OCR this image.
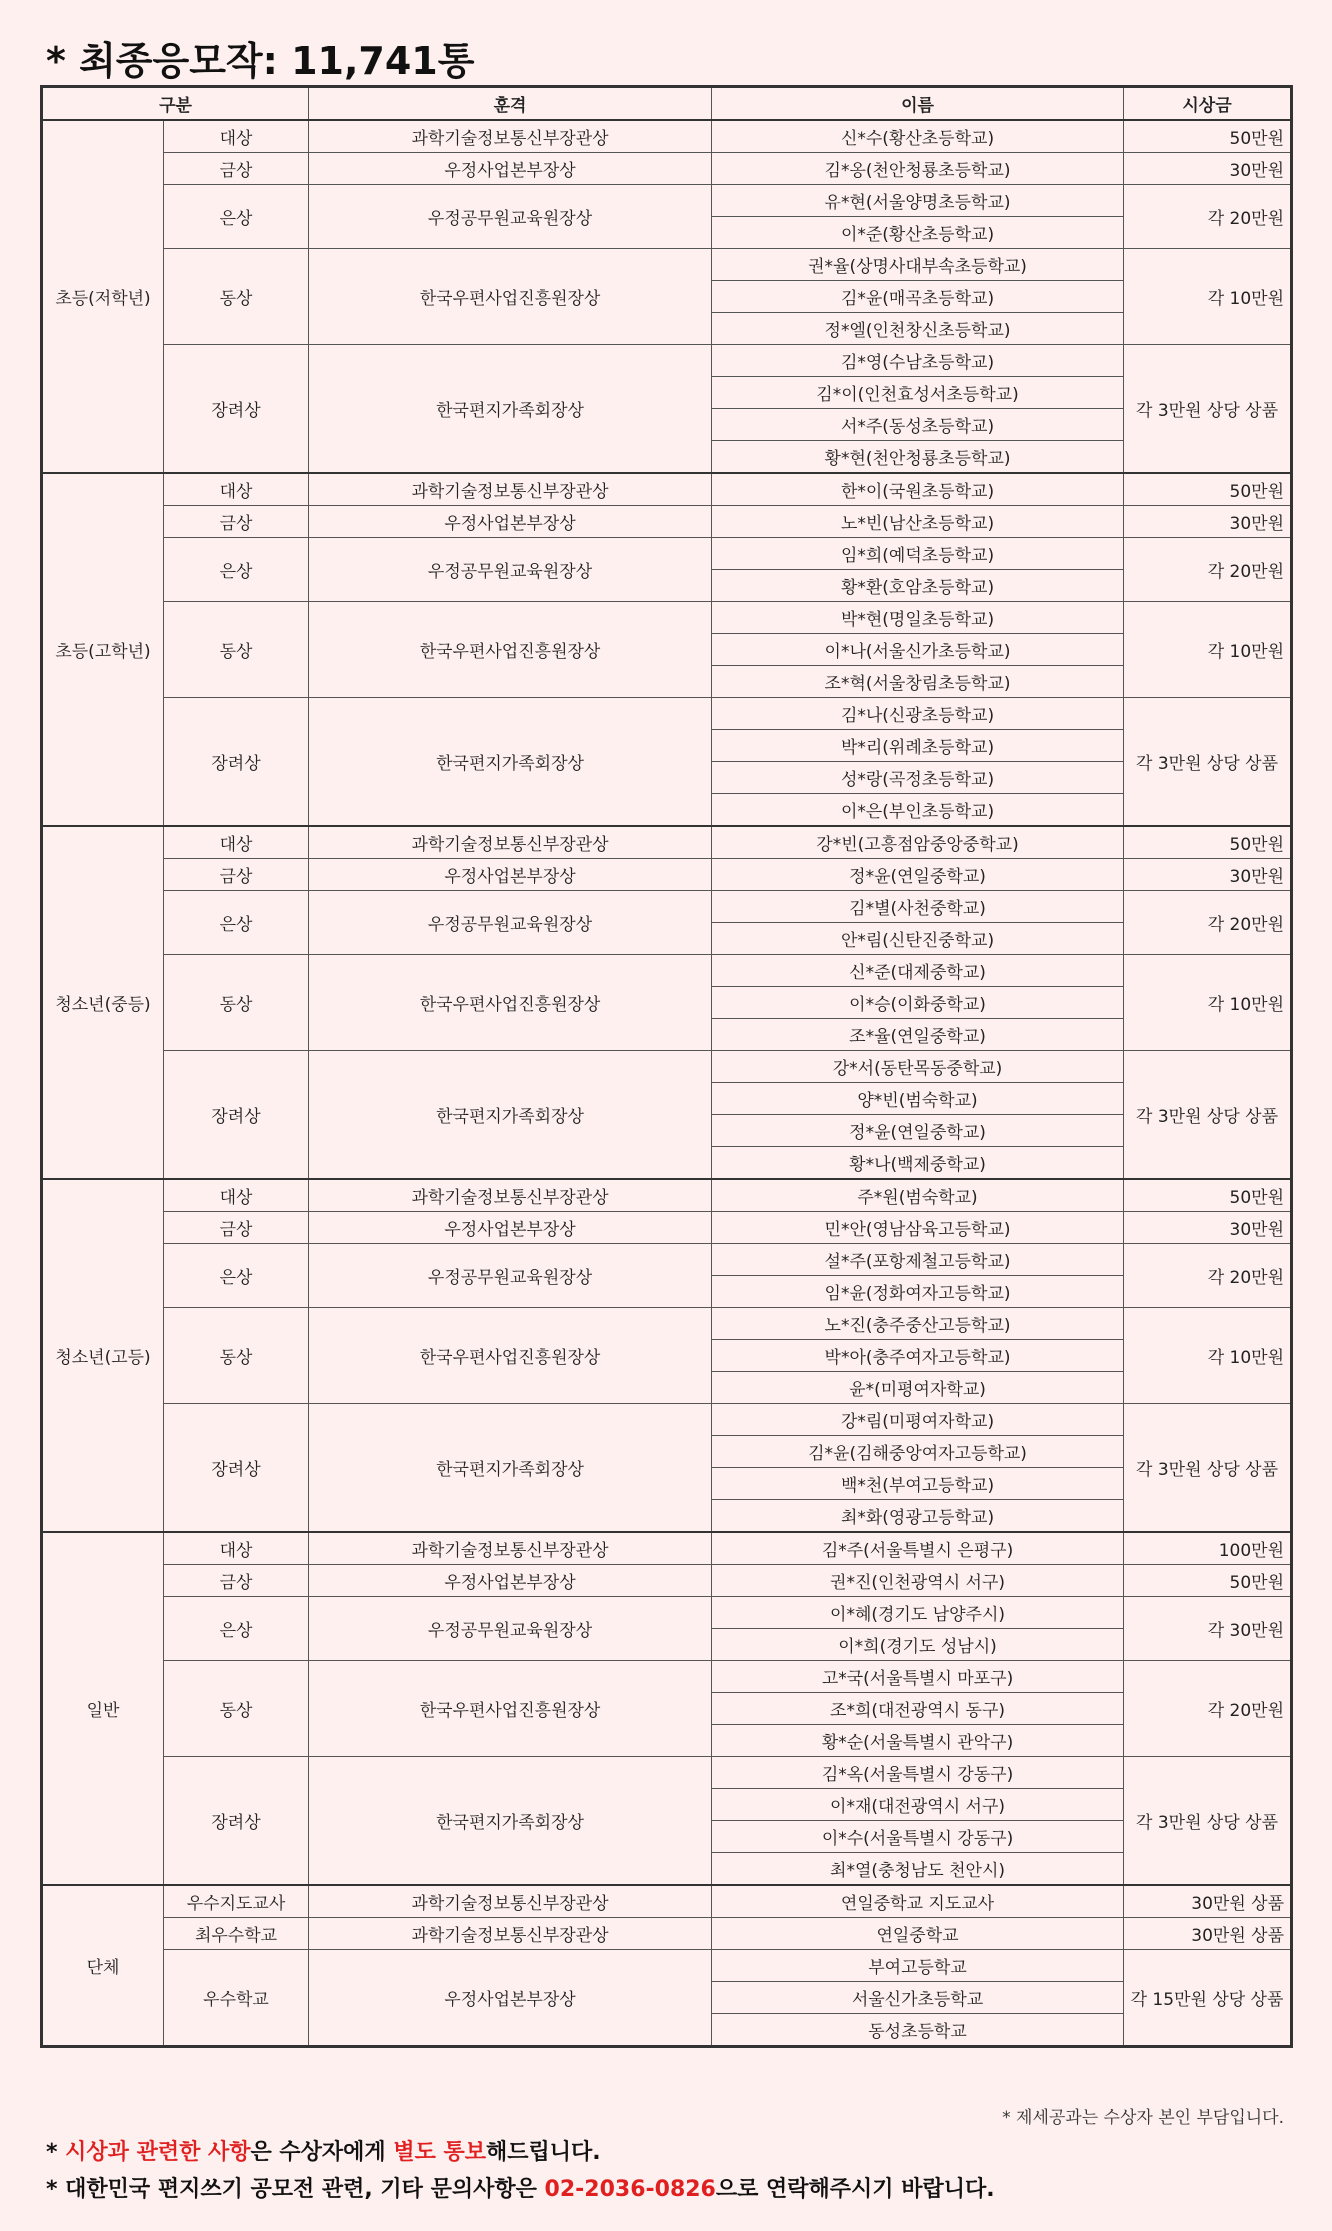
* 최종응모작: 11,741통
구분		훈격	이름	시상금
초등(저학년)	대상	과학기술정보통신부장관상	신*수(황산초등학교)	50만원
	금상	우정사업본부장상	김*옹(천안청룡초등학교)	30만원
	은상	우정공무원교육원장상	유*현(서울양명초등학교)	각 20만원
			이*준(황산초등학교)	
	동상	한국우편사업진흥원장상	권*율(상명사대부속초등학교)	각 10만원
			김*윤(매곡초등학교)	
			정*엘(인천창신초등학교)	
	장려상	한국편지가족회장상	김*영(수남초등학교)	각 3만원 상당 상품
			김*이(인천효성서초등학교)	
			서*주(동성초등학교)	
			황*현(천안청룡초등학교)	
초등(고학년)	대상	과학기술정보통신부장관상	한*이(국원초등학교)	50만원
	금상	우정사업본부장상	노*빈(남산초등학교)	30만원
	은상	우정공무원교육원장상	임*희(예덕초등학교)	각 20만원
			황*환(호암초등학교)	
	동상	한국우편사업진흥원장상	박*현(명일초등학교)	각 10만원
			이*나(서울신가초등학교)	
			조*혁(서울창림초등학교)	
	장려상	한국편지가족회장상	김*나(신광초등학교)	각 3만원 상당 상품
			박*리(위례초등학교)	
			성*랑(곡정초등학교)	
			이*은(부인초등학교)	
청소년(중등)	대상	과학기술정보통신부장관상	강*빈(고흥점암중앙중학교)	50만원
	금상	우정사업본부장상	정*윤(연일중학교)	30만원
	은상	우정공무원교육원장상	김*별(사천중학교)	각 20만원
			안*림(신탄진중학교)	
	동상	한국우편사업진흥원장상	신*준(대제중학교)	각 10만원
			이*승(이화중학교)	
			조*율(연일중학교)	
	장려상	한국편지가족회장상	강*서(동탄목동중학교)	각 3만원 상당 상품
			양*빈(범숙학교)	
			정*윤(연일중학교)	
			황*나(백제중학교)	
청소년(고등)	대상	과학기술정보통신부장관상	주*원(범숙학교)	50만원
	금상	우정사업본부장상	민*안(영남삼육고등학교)	30만원
	은상	우정공무원교육원장상	설*주(포항제철고등학교)	각 20만원
			임*윤(정화여자고등학교)	
	동상	한국우편사업진흥원장상	노*진(충주중산고등학교)	각 10만원
			박*아(충주여자고등학교)	
			윤*(미평여자학교)	
	장려상	한국편지가족회장상	강*림(미평여자학교)	각 3만원 상당 상품
			김*윤(김해중앙여자고등학교)	
			백*천(부여고등학교)	
			최*화(영광고등학교)	
일반	대상	과학기술정보통신부장관상	김*주(서울특별시 은평구)	100만원
	금상	우정사업본부장상	권*진(인천광역시 서구)	50만원
	은상	우정공무원교육원장상	이*혜(경기도 남양주시)	각 30만원
			이*희(경기도 성남시)	
	동상	한국우편사업진흥원장상	고*국(서울특별시 마포구)	각 20만원
			조*희(대전광역시 동구)	
			황*순(서울특별시 관악구)	
	장려상	한국편지가족회장상	김*옥(서울특별시 강동구)	각 3만원 상당 상품
			이*재(대전광역시 서구)	
			이*수(서울특별시 강동구)	
			최*열(충청남도 천안시)	
단체	우수지도교사	과학기술정보통신부장관상	연일중학교 지도교사	30만원 상품
	최우수학교	과학기술정보통신부장관상	연일중학교	30만원 상품
	우수학교	우정사업본부장상	부여고등학교	각 15만원 상당 상품
			서울신가초등학교	
			동성초등학교	
* 제세공과는 수상자 본인 부담입니다.
* 시상과 관련한 사항은 수상자에게 별도 통보해드립니다.
* 대한민국 편지쓰기 공모전 관련, 기타 문의사항은 02-2036-0826으로 연락해주시기 바랍니다.
